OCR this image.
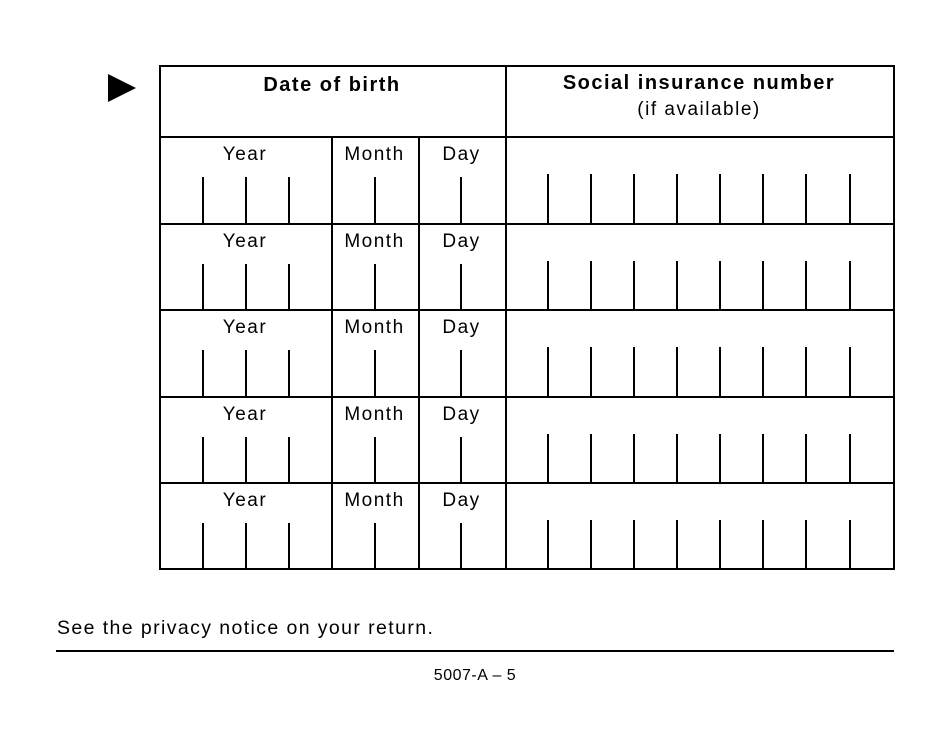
Date of birth	Social insurance number
(if available)
Year	Month	Day
Year	Month	Day
Year	Month	Day
Year	Month	Day
Year	Month	Day
See the privacy notice on your return.
5007-A – 5
